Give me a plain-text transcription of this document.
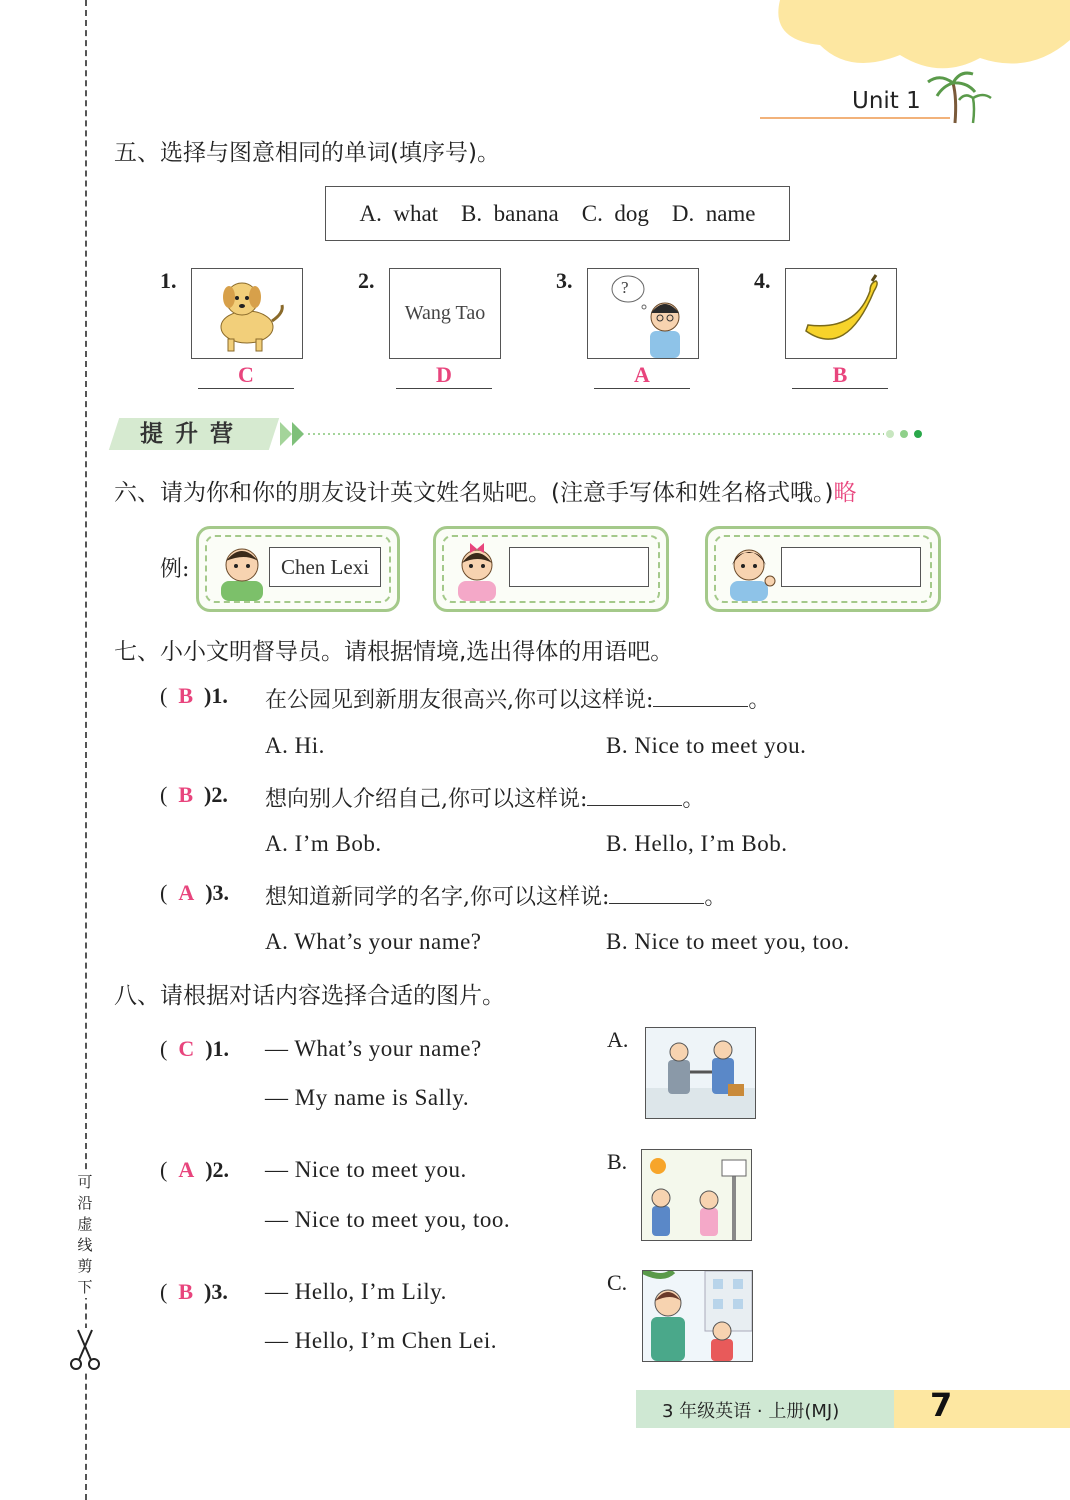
Unit 1
可
沿
虚
线
剪
下
五、选择与图意相同的单词(填序号)。
A.  what    B.  banana    C.  dog    D.  name
1.
C
2.
Wang Tao
D
3.	?
A
4.
B
提 升 营
六、请为你和你的朋友设计英文姓名贴吧。(注意手写体和姓名格式哦。)略
例:	Chen Lexi
七、小小文明督导员。请根据情境,选出得体的用语吧。
(  B )1. 在公园见到新朋友很高兴,你可以这样说:	。
A. Hi.	B. Nice to meet you.
(  B )2. 想向别人介绍自己,你可以这样说:	。
A. I’m Bob.	B. Hello, I’m Bob.
(  A )3. 想知道新同学的名字,你可以这样说:	。
A. What’s your name?	B. Nice to meet you, too.
八、请根据对话内容选择合适的图片。
(  C )1. — What’s your name?
— My name is Sally.
(  A )2. — Nice to meet you.
— Nice to meet you, too.
(  B )3. — Hello, I’m Lily.
— Hello, I’m Chen Lei.
A.
B.
C.
3 年级英语 · 上册(MJ)	7
